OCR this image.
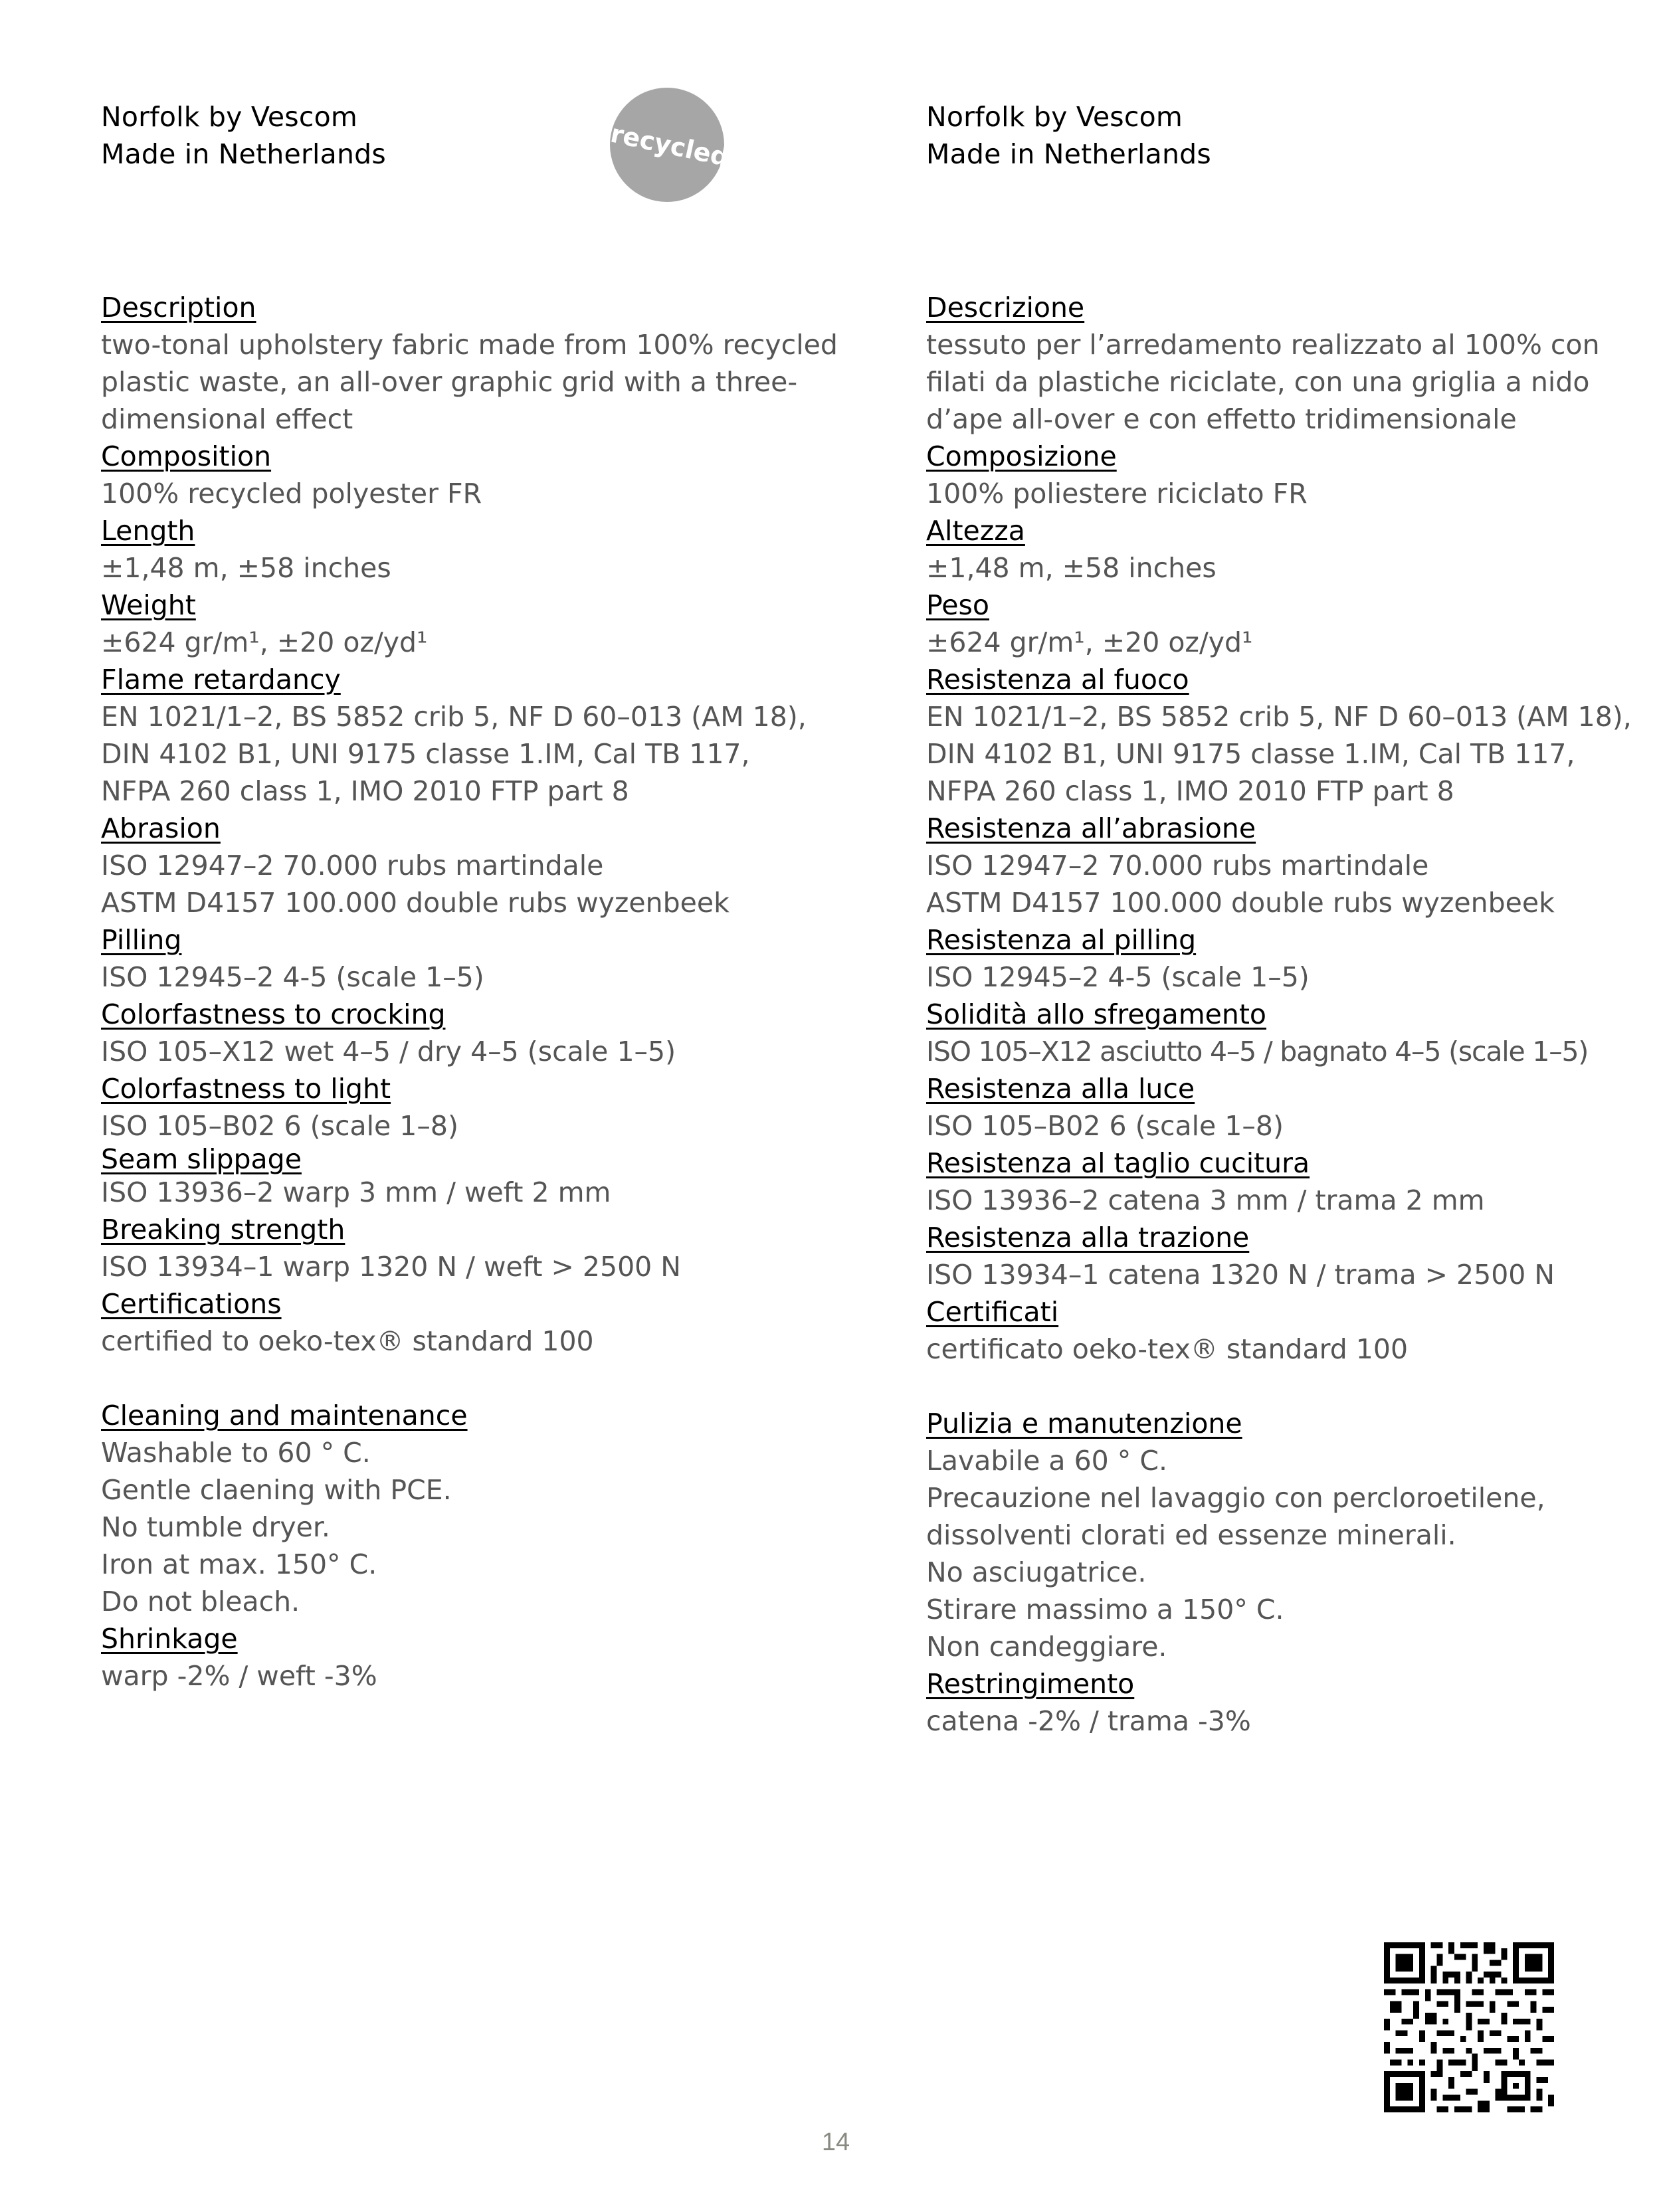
Norfolk by Vescom
Made in Netherlands
Description
two-tonal upholstery fabric made from 100% recycled
plastic waste, an all-over graphic grid with a three-
dimensional effect
Composition
100% recycled polyester FR
Length
±1,48 m, ±58 inches
Weight
±624 gr/m¹, ±20 oz/yd¹
Flame retardancy
EN 1021/1–2, BS 5852 crib 5, NF D 60–013 (AM 18),
DIN 4102 B1, UNI 9175 classe 1.IM, Cal TB 117,
NFPA 260 class 1, IMO 2010 FTP part 8
Abrasion
ISO 12947–2 70.000 rubs martindale
ASTM D4157 100.000 double rubs wyzenbeek
Pilling
ISO 12945–2 4-5 (scale 1–5)
Colorfastness to crocking
ISO 105–X12 wet 4–5 / dry 4–5 (scale 1–5)
Colorfastness to light
ISO 105–B02 6 (scale 1–8)
Seam slippage
ISO 13936–2 warp 3 mm / weft 2 mm
Breaking strength
ISO 13934–1 warp 1320 N / weft > 2500 N
Certifications
certified to oeko-tex® standard 100
Cleaning and maintenance
Washable to 60 ° C.
Gentle claening with PCE.
No tumble dryer.
Iron at max. 150° C.
Do not bleach.
Shrinkage
warp -2% / weft -3%
recycled
Norfolk by Vescom
Made in Netherlands
Descrizione
tessuto per l’arredamento realizzato al 100% con
filati da plastiche riciclate, con una griglia a nido
d’ape all-over e con effetto tridimensionale
Composizione
100% poliestere riciclato FR
Altezza
±1,48 m, ±58 inches
Peso
±624 gr/m¹, ±20 oz/yd¹
Resistenza al fuoco
EN 1021/1–2, BS 5852 crib 5, NF D 60–013 (AM 18),
DIN 4102 B1, UNI 9175 classe 1.IM, Cal TB 117,
NFPA 260 class 1, IMO 2010 FTP part 8
Resistenza all’abrasione
ISO 12947–2 70.000 rubs martindale
ASTM D4157 100.000 double rubs wyzenbeek
Resistenza al pilling
ISO 12945–2 4-5 (scale 1–5)
Solidità allo sfregamento
ISO 105–X12 asciutto 4–5 / bagnato 4–5 (scale 1–5)
Resistenza alla luce
ISO 105–B02 6 (scale 1–8)
Resistenza al taglio cucitura
ISO 13936–2 catena 3 mm / trama 2 mm
Resistenza alla trazione
ISO 13934–1 catena 1320 N / trama > 2500 N
Certificati
certificato oeko-tex® standard 100
Pulizia e manutenzione
Lavabile a 60 ° C.
Precauzione nel lavaggio con percloroetilene,
dissolventi clorati ed essenze minerali.
No asciugatrice.
Stirare massimo a 150° C.
Non candeggiare.
Restringimento
catena -2% / trama -3%
14
